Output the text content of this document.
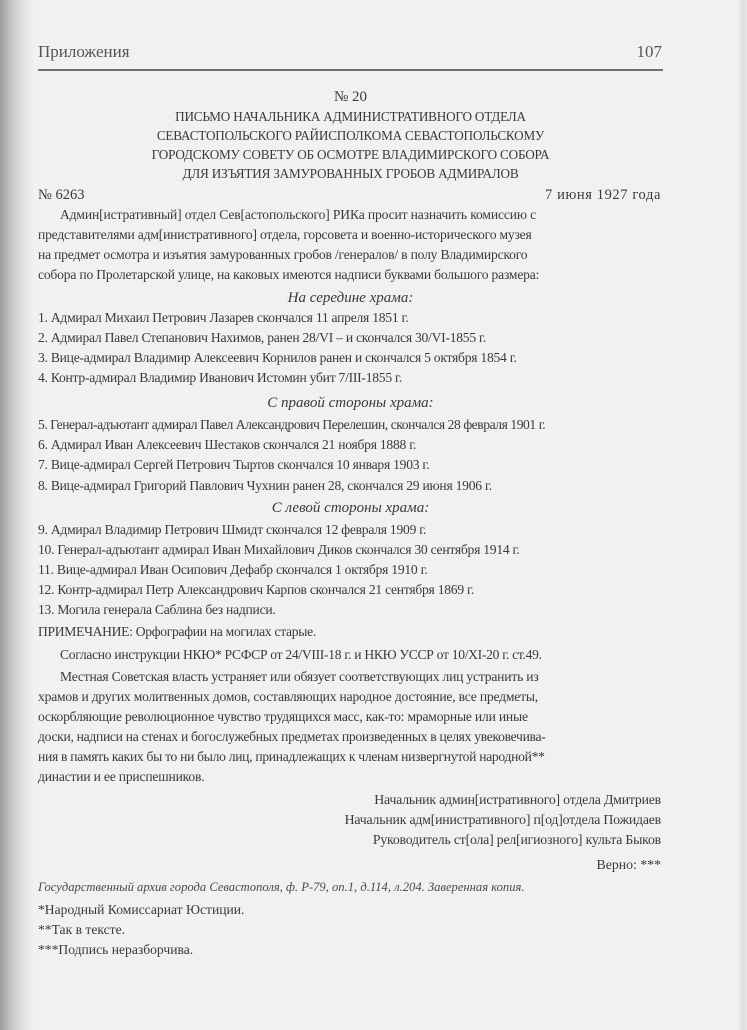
Приложения	107
№ 20
ПИСЬМО НАЧАЛЬНИКА АДМИНИСТРАТИВНОГО ОТДЕЛА
СЕВАСТОПОЛЬСКОГО РАЙИСПОЛКОМА СЕВАСТОПОЛЬСКОМУ
ГОРОДСКОМУ СОВЕТУ ОБ ОСМОТРЕ ВЛАДИМИРСКОГО СОБОРА
ДЛЯ ИЗЪЯТИЯ ЗАМУРОВАННЫХ ГРОБОВ АДМИРАЛОВ
№ 6263	7 июня 1927 года
Админ[истративный] отдел Сев[астопольского] РИКа просит назначить комиссию с
представителями адм[инистративного] отдела, горсовета и военно-исторического музея
на предмет осмотра и изъятия замурованных гробов /генералов/ в полу Владимирского
собора по Пролетарской улице, на каковых имеются надписи буквами большого размера:
На середине храма:
1. Адмирал Михаил Петрович Лазарев скончался 11 апреля 1851 г.
2. Адмирал Павел Степанович Нахимов, ранен 28/VI – и скончался 30/VI-1855 г.
3. Вице-адмирал Владимир Алексеевич Корнилов ранен и скончался 5 октября 1854 г.
4. Контр-адмирал Владимир Иванович Истомин убит 7/III-1855 г.
С правой стороны храма:
5. Генерал-адъютант адмирал Павел Александрович Перелешин, скончался 28 февраля 1901 г.
6. Адмирал Иван Алексеевич Шестаков скончался 21 ноября 1888 г.
7. Вице-адмирал Сергей Петрович Тыртов скончался 10 января 1903 г.
8. Вице-адмирал Григорий Павлович Чухнин ранен 28, скончался 29 июня 1906 г.
С левой стороны храма:
9. Адмирал Владимир Петрович Шмидт скончался 12 февраля 1909 г.
10. Генерал-адъютант адмирал Иван Михайлович Диков скончался 30 сентября 1914 г.
11. Вице-адмирал Иван Осипович Дефабр скончался 1 октября 1910 г.
12. Контр-адмирал Петр Александрович Карпов скончался 21 сентября 1869 г.
13. Могила генерала Саблина без надписи.
ПРИМЕЧАНИЕ: Орфографии на могилах старые.
Согласно инструкции НКЮ* РСФСР от 24/VIII-18 г. и НКЮ УССР от 10/XI-20 г. ст.49.
Местная Советская власть устраняет или обязует соответствующих лиц устранить из
храмов и других молитвенных домов, составляющих народное достояние, все предметы,
оскорбляющие революционное чувство трудящихся масс, как-то: мраморные или иные
доски, надписи на стенах и богослужебных предметах произведенных в целях увековечива-
ния в память каких бы то ни было лиц, принадлежащих к членам низвергнутой народной**
династии и ее приспешников.
Начальник админ[истративного] отдела Дмитриев
Начальник адм[инистративного] п[од]отдела Пожидаев
Руководитель ст[ола] рел[игиозного] культа Быков
Верно: ***
Государственный архив города Севастополя, ф. Р-79, оп.1, д.114, л.204. Заверенная копия.
*Народный Комиссариат Юстиции.
**Так в тексте.
***Подпись неразборчива.
